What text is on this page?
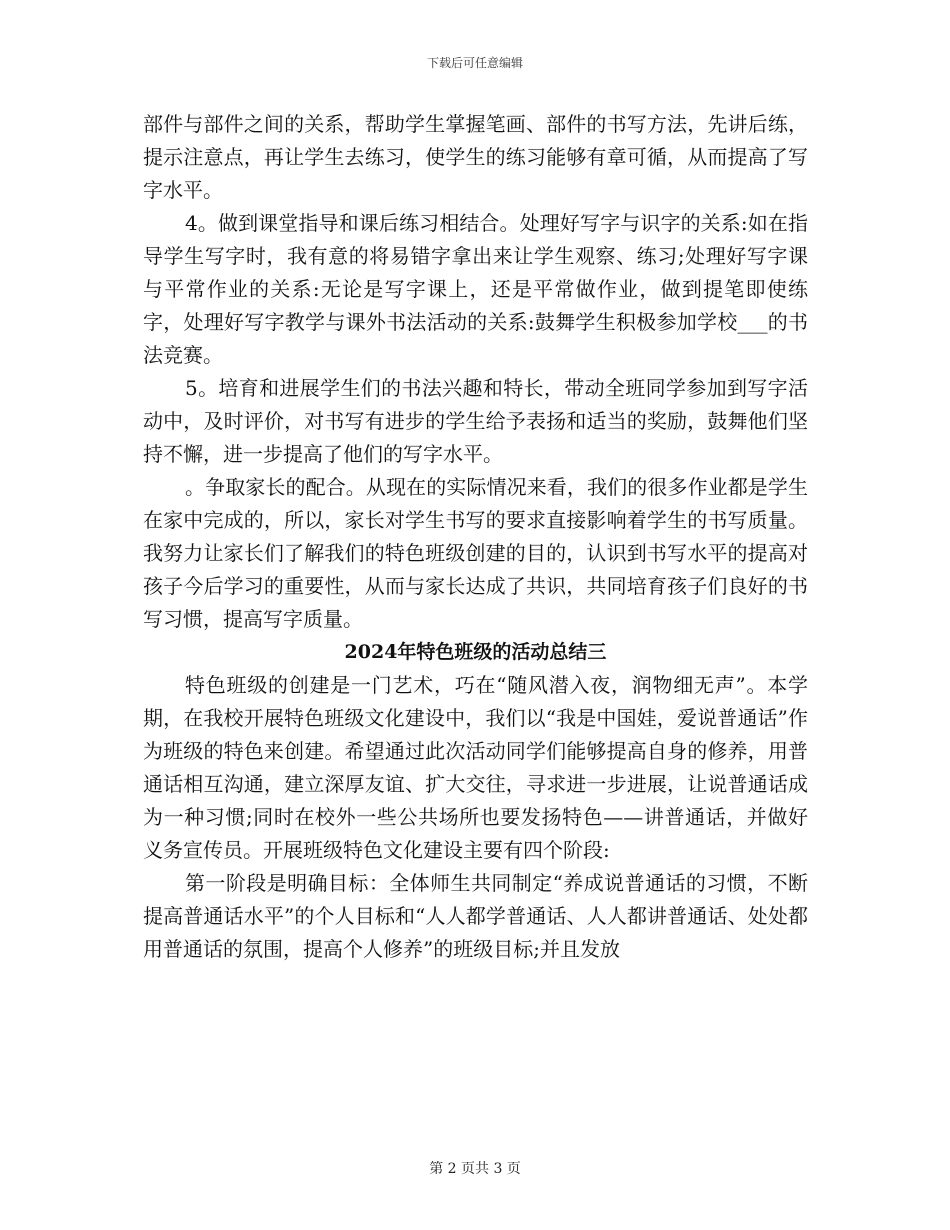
下载后可任意编辑

部件与部件之间的关系，帮助学生掌握笔画、部件的书写方法，先讲后练，提示注意点，再让学生去练习，使学生的练习能够有章可循，从而提高了写字水平。

4。做到课堂指导和课后练习相结合。处理好写字与识字的关系:如在指导学生写字时，我有意的将易错字拿出来让学生观察、练习;处理好写字课与平常作业的关系:无论是写字课上，还是平常做作业，做到提笔即使练字，处理好写字教学与课外书法活动的关系:鼓舞学生积极参加学校___的书法竞赛。

5。培育和进展学生们的书法兴趣和特长，带动全班同学参加到写字活动中，及时评价，对书写有进步的学生给予表扬和适当的奖励，鼓舞他们坚持不懈，进一步提高了他们的写字水平。

。争取家长的配合。从现在的实际情况来看，我们的很多作业都是学生在家中完成的，所以，家长对学生书写的要求直接影响着学生的书写质量。我努力让家长们了解我们的特色班级创建的目的，认识到书写水平的提高对孩子今后学习的重要性，从而与家长达成了共识，共同培育孩子们良好的书写习惯，提高写字质量。

2024年特色班级的活动总结三

特色班级的创建是一门艺术，巧在“随风潜入夜，润物细无声”。本学期，在我校开展特色班级文化建设中，我们以“我是中国娃，爱说普通话”作为班级的特色来创建。希望通过此次活动同学们能够提高自身的修养，用普通话相互沟通，建立深厚友谊、扩大交往，寻求进一步进展，让说普通话成为一种习惯;同时在校外一些公共场所也要发扬特色——讲普通话，并做好义务宣传员。开展班级特色文化建设主要有四个阶段:

第一阶段是明确目标：全体师生共同制定“养成说普通话的习惯，不断提高普通话水平”的个人目标和“人人都学普通话、人人都讲普通话、处处都用普通话的氛围，提高个人修养”的班级目标;并且发放

第 2 页共 3 页
